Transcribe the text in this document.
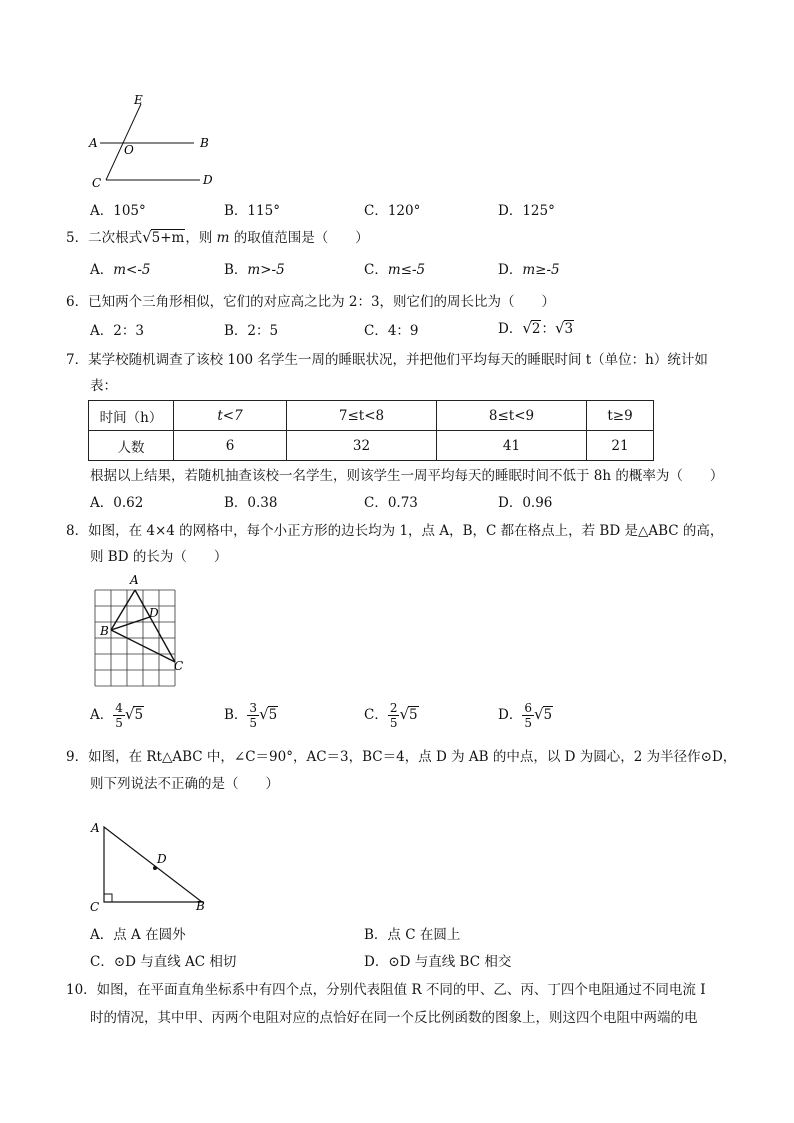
E
A O	B
C	D
A．105°	B．115°	C．120°	D．125°
5．二次根式√5+m，则 m 的取值范围是（　　）
A．m<-5	B．m>-5	C．m≤-5	D．m≥-5
6．已知两个三角形相似，它们的对应高之比为 2：3，则它们的周长比为（　　）
A．2：3	B．2：5	C．4：9	D．√2：√3
7．某学校随机调查了该校 100 名学生一周的睡眠状况，并把他们平均每天的睡眠时间 t（单位：h）统计如
表：
时间（h）	t<7	7≤t<8	8≤t<9	t≥9
人数	6	32	41	21
根据以上结果，若随机抽查该校一名学生，则该学生一周平均每天的睡眠时间不低于 8h 的概率为（　　）
A．0.62	B．0.38	C．0.73	D．0.96
8．如图，在 4×4 的网格中，每个小正方形的边长均为 1，点 A，B，C 都在格点上，若 BD 是△ABC 的高，
则 BD 的长为（　　）
A
B
C
D
A． $\frac{4}{5} √5$	B． $\frac{3}{5} √5$	C． $\frac{2}{5} √5$	D． $\frac{6}{5} √5$
9．如图，在 Rt△ABC 中，∠C＝90°，AC＝3，BC＝4，点 D 为 AB 的中点，以 D 为圆心，2 为半径作⊙D，
则下列说法不正确的是（　　）
A
C	B
D
A．点 A 在圆外	B．点 C 在圆上
C．⊙D 与直线 AC 相切	D．⊙D 与直线 BC 相交
10．如图，在平面直角坐标系中有四个点，分别代表阻值 R 不同的甲、乙、丙、丁四个电阻通过不同电流 I
时的情况，其中甲、丙两个电阻对应的点恰好在同一个反比例函数的图象上，则这四个电阻中两端的电
